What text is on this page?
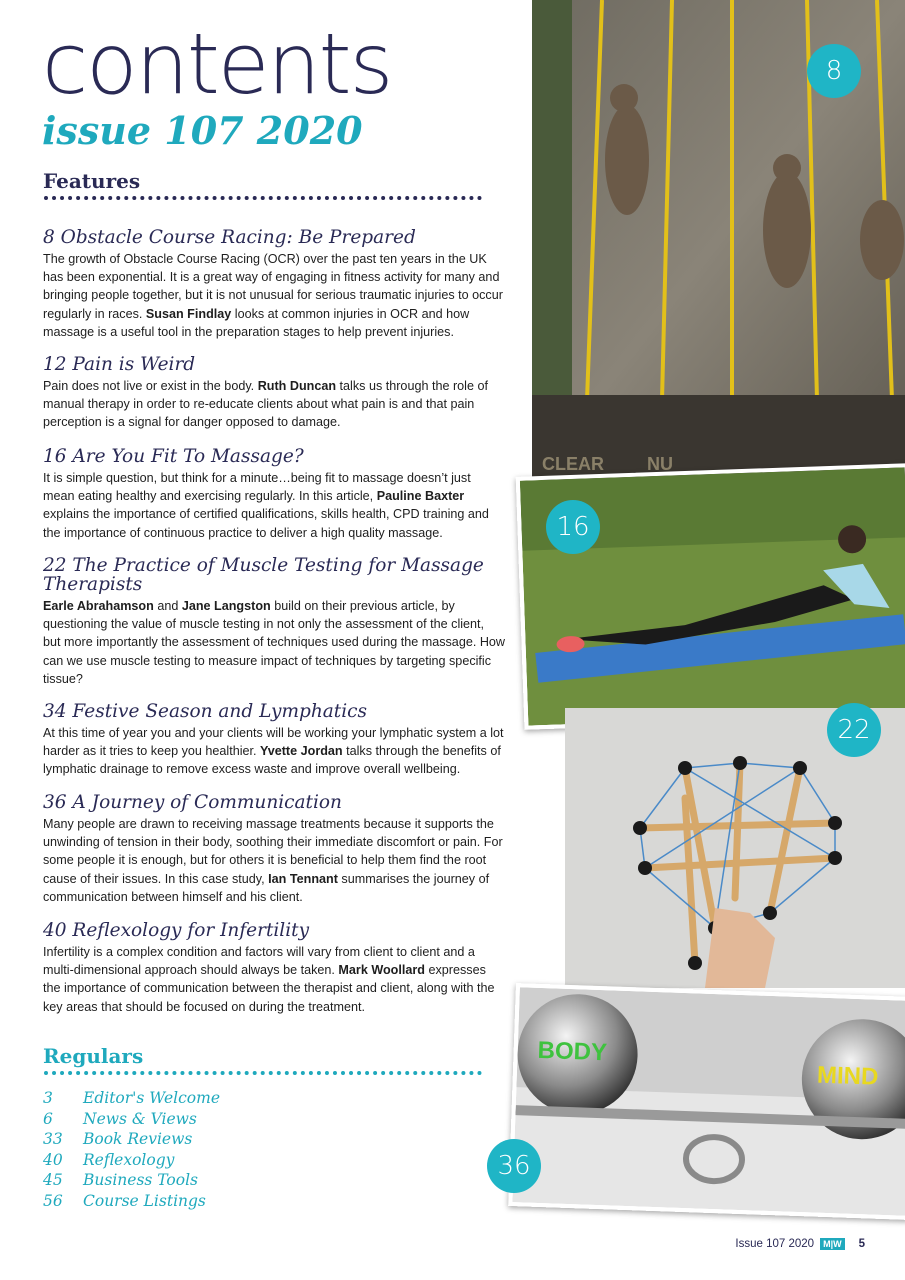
contents
issue 107 2020
Features
8 Obstacle Course Racing: Be Prepared

The growth of Obstacle Course Racing (OCR) over the past ten years in the UK has been exponential. It is a great way of engaging in fitness activity for many and bringing people together, but it is not unusual for serious traumatic injuries to occur regularly in races. Susan Findlay looks at common injuries in OCR and how massage is a useful tool in the preparation stages to help prevent injuries.

12 Pain is Weird

Pain does not live or exist in the body. Ruth Duncan talks us through the role of manual therapy in order to re-educate clients about what pain is and that pain perception is a signal for danger opposed to damage.

16 Are You Fit To Massage?

It is simple question, but think for a minute…being fit to massage doesn’t just mean eating healthy and exercising regularly. In this article, Pauline Baxter explains the importance of certified qualifications, skills health, CPD training and the importance of continuous practice to deliver a high quality massage.

22 The Practice of Muscle Testing for Massage Therapists

Earle Abrahamson and Jane Langston build on their previous article, by questioning the value of muscle testing in not only the assessment of the client, but more importantly the assessment of techniques used during the massage. How can we use muscle testing to measure impact of techniques by targeting specific tissue?

34 Festive Season and Lymphatics

At this time of year you and your clients will be working your lymphatic system a lot harder as it tries to keep you healthier. Yvette Jordan talks through the benefits of lymphatic drainage to remove excess waste and improve overall wellbeing.

36 A Journey of Communication

Many people are drawn to receiving massage treatments because it supports the unwinding of tension in their body, soothing their immediate discomfort or pain. For some people it is enough, but for others it is beneficial to help them find the root cause of their issues. In this case study, Ian Tennant summarises the journey of communication between himself and his client.

40 Reflexology for Infertility

Infertility is a complex condition and factors will vary from client to client and a multi-dimensional approach should always be taken. Mark Woollard expresses the importance of communication between the therapist and client, along with the key areas that should be focused on during the treatment.

Regulars
3 Editor's Welcome
6 News & Views
33 Book Reviews
40 Reflexology
45 Business Tools
56 Course Listings
CLEAR NU
BODY
MIND
8
16
22
36
Issue 107 2020	M|W 5
